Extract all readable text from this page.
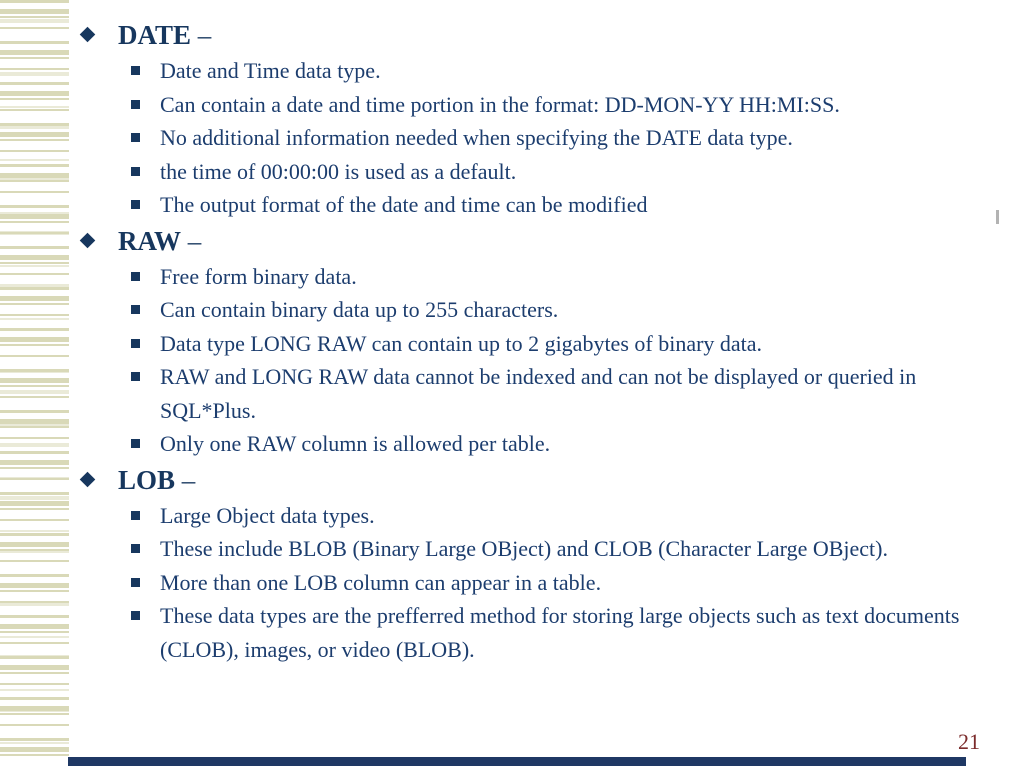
DATE –
Date and Time data type.
Can contain a date and time portion in the format: DD-MON-YY HH:MI:SS.
No additional information needed when specifying the DATE data type.
the time of 00:00:00 is used as a default.
The output format of the date and time can be modified
RAW –
Free form binary data.
Can contain binary data up to 255 characters.
Data type LONG RAW can contain up to 2 gigabytes of binary data.
RAW and LONG RAW data cannot be indexed and can not be displayed or queried in SQL*Plus.
Only one RAW column is allowed per table.
LOB –
Large Object data types.
These include BLOB (Binary Large OBject) and CLOB (Character Large OBject).
More than one LOB column can appear in a table.
These data types are the prefferred method for storing large objects such as text documents (CLOB), images, or video (BLOB).
21
